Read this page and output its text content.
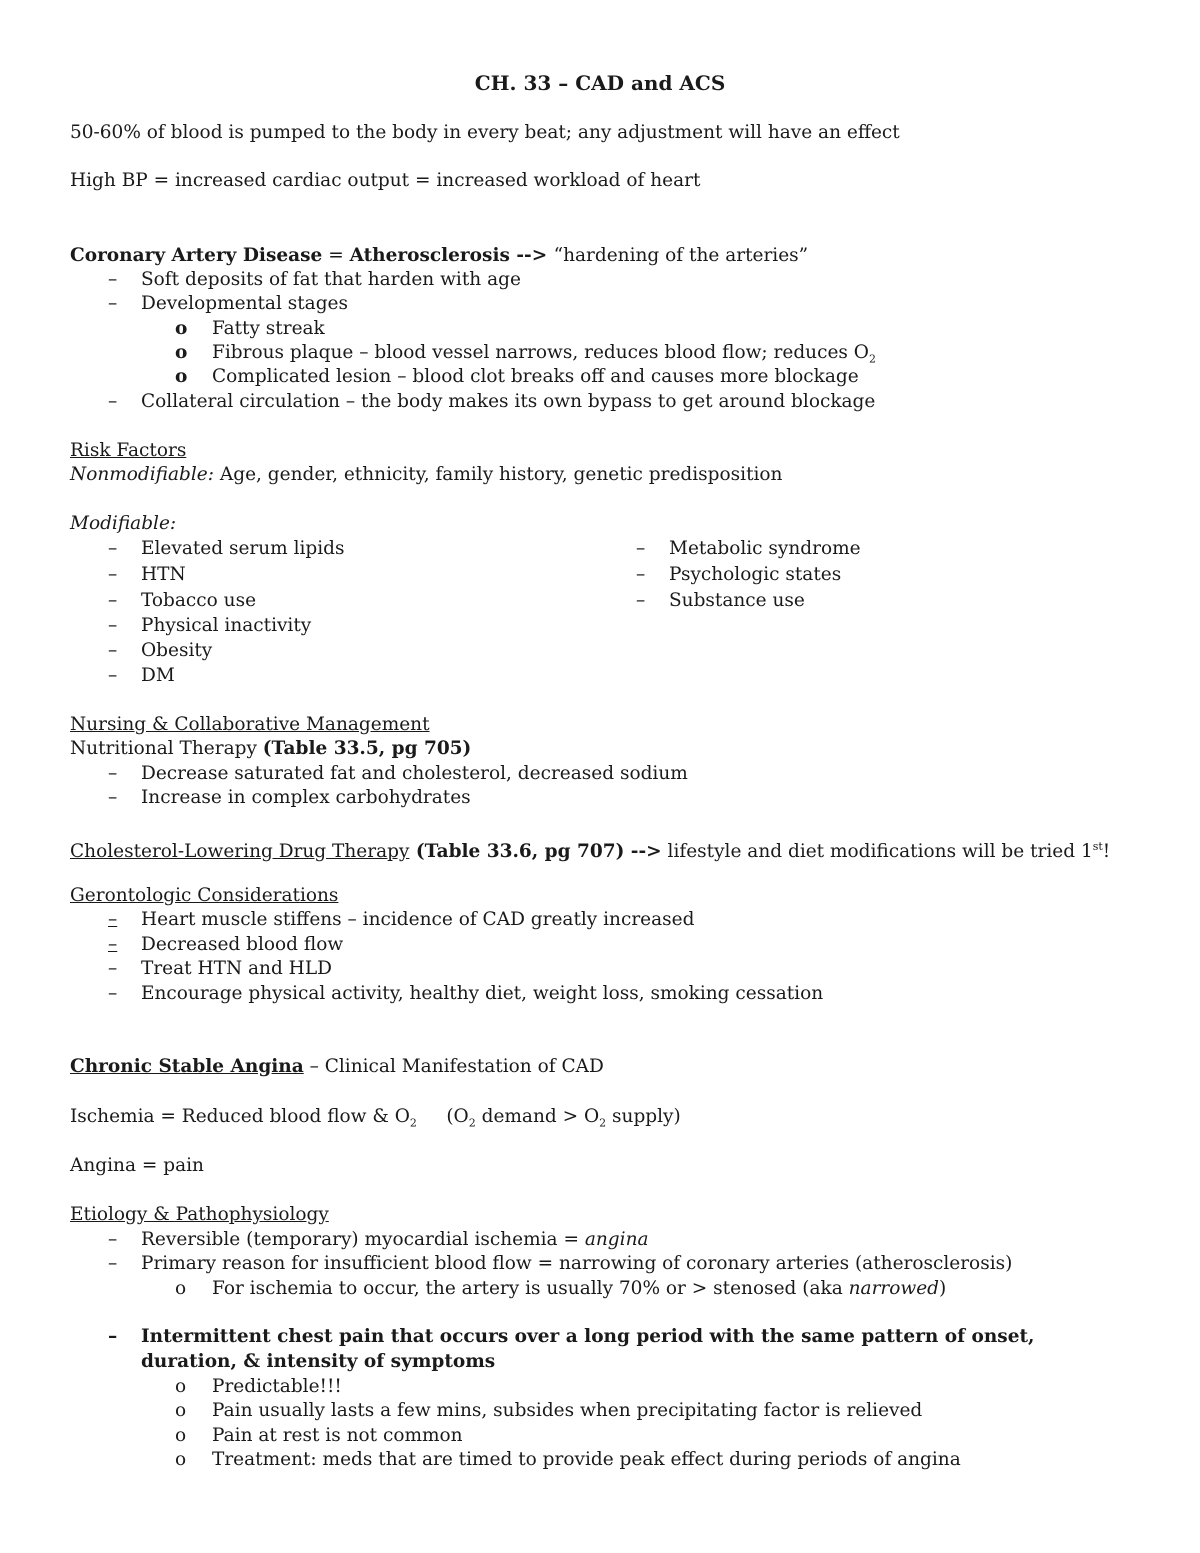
CH. 33 – CAD and ACS
50-60% of blood is pumped to the body in every beat; any adjustment will have an effect
High BP = increased cardiac output = increased workload of heart
Coronary Artery Disease = Atherosclerosis --> “hardening of the arteries”
– Soft deposits of fat that harden with age
– Developmental stages
o Fatty streak
o Fibrous plaque – blood vessel narrows, reduces blood flow; reduces $O_2$
o Complicated lesion – blood clot breaks off and causes more blockage
– Collateral circulation – the body makes its own bypass to get around blockage
Risk Factors
Nonmodifiable: Age, gender, ethnicity, family history, genetic predisposition
Modifiable:
– Elevated serum lipids
– HTN
– Tobacco use
– Physical inactivity
– Obesity
– DM
– Metabolic syndrome
– Psychologic states
– Substance use
Nursing & Collaborative Management
Nutritional Therapy (Table 33.5, pg 705)
– Decrease saturated fat and cholesterol, decreased sodium
– Increase in complex carbohydrates
Cholesterol-Lowering Drug Therapy (Table 33.6, pg 707) --> lifestyle and diet modifications will be tried 1st!
Gerontologic Considerations
– Heart muscle stiffens – incidence of CAD greatly increased
– Decreased blood flow
– Treat HTN and HLD
– Encourage physical activity, healthy diet, weight loss, smoking cessation
Chronic Stable Angina – Clinical Manifestation of CAD
Ischemia = Reduced blood flow & $O_2$     ($O_2$ demand > $O_2$ supply)
Angina = pain
Etiology & Pathophysiology
– Reversible (temporary) myocardial ischemia = angina
– Primary reason for insufficient blood flow = narrowing of coronary arteries (atherosclerosis)
o For ischemia to occur, the artery is usually 70% or > stenosed (aka narrowed)
– Intermittent chest pain that occurs over a long period with the same pattern of onset,
duration, & intensity of symptoms
o Predictable!!!
o Pain usually lasts a few mins, subsides when precipitating factor is relieved
o Pain at rest is not common
o Treatment: meds that are timed to provide peak effect during periods of angina
